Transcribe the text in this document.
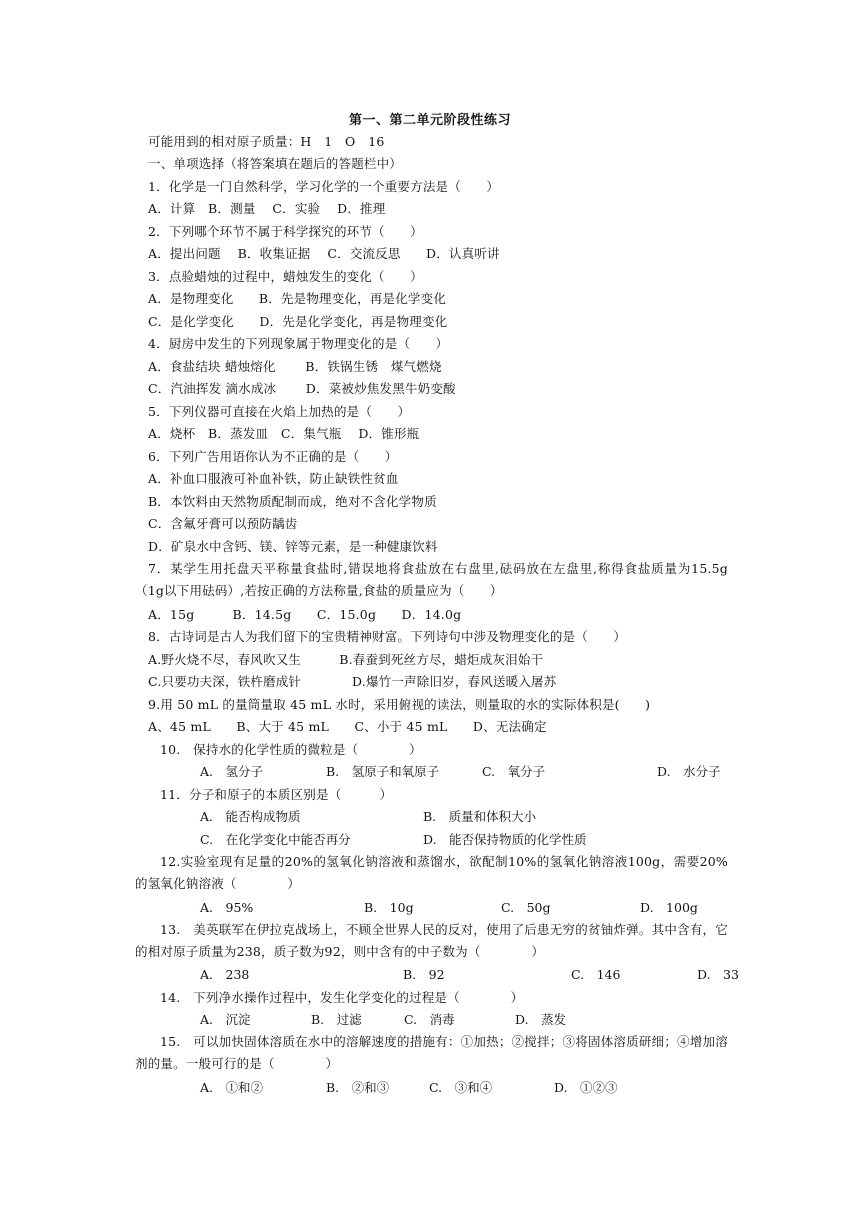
第一、第二单元阶段性练习
可能用到的相对原子质量：H　1　O　16
一、单项选择（将答案填在题后的答题栏中）
1．化学是一门自然科学，学习化学的一个重要方法是（　　）
A．计算　B．测量　 C．实验　 D．推理
2．下列哪个环节不属于科学探究的环节（　　）
A．提出问题　 B．收集证据　 C．交流反思　　D．认真听讲
3．点验蜡烛的过程中，蜡烛发生的变化（　　）
A．是物理变化　　B．先是物理变化，再是化学变化
C．是化学变化　　D．先是化学变化，再是物理变化
4．厨房中发生的下列现象属于物理变化的是（　　）
A．食盐结块 蜡烛熔化　　 B．铁锅生锈　煤气燃烧
C．汽油挥发 滴水成冰　　 D．菜被炒焦发黑牛奶变酸
5．下列仪器可直接在火焰上加热的是（　　）
A．烧杯　B．蒸发皿　C．集气瓶　 D．锥形瓶
6．下列广告用语你认为不正确的是（　　）
A．补血口服液可补血补铁，防止缺铁性贫血
B．本饮料由天然物质配制而成，绝对不含化学物质
C．含氟牙膏可以预防龋齿
D．矿泉水中含钙、镁、锌等元素，是一种健康饮料
7．某学生用托盘天平称量食盐时,错误地将食盐放在右盘里,砝码放在左盘里,称得食盐质量为15.5g（1g以下用砝码）,若按正确的方法称量,食盐的质量应为（　　）
A．15g　　　B．14.5g　　C．15.0g　　D．14.0g
8．古诗词是古人为我们留下的宝贵精神财富。下列诗句中涉及物理变化的是（　　）
A.野火烧不尽，春风吹又生　　　B.春蚕到死丝方尽，蜡炬成灰泪始干
C.只要功夫深，铁杵磨成针　　　　D.爆竹一声除旧岁，春风送暖入屠苏
9.用 50 mL 的量筒量取 45 mL 水时，采用俯视的读法，则量取的水的实际体积是(　　)
A、45 mL　　B、大于 45 mL　　C、小于 45 mL　　D、无法确定
10.　保持水的化学性质的微粒是（　　　　）
A.　氢分子	B.　氢原子和氧原子	C.　氧分子	D.　水分子
11．分子和原子的本质区别是（　　　）
A.　能否构成物质	B.　质量和体积大小
C.　在化学变化中能否再分	D.　能否保持物质的化学性质
12.实验室现有足量的20%的氢氧化钠溶液和蒸馏水，欲配制10%的氢氧化钠溶液100g，需要20%的氢氧化钠溶液（　　　　）
A.　95%	B.　10g	C.　50g	D.　100g
13.　美英联军在伊拉克战场上，不顾全世界人民的反对，使用了后患无穷的贫铀炸弹。其中含有，它的相对原子质量为238，质子数为92，则中含有的中子数为（　　　　）
A.　238	B.　92	C.　146	D.　33
14.　下列净水操作过程中，发生化学变化的过程是（　　　　）
A.　沉淀	B.　过滤	C.　消毒	D.　蒸发
15.　可以加快固体溶质在水中的溶解速度的措施有：①加热；②搅拌；③将固体溶质研细；④增加溶剂的量。一般可行的是（　　　　）
A.　①和②	B.　②和③	C.　③和④	D.　①②③
